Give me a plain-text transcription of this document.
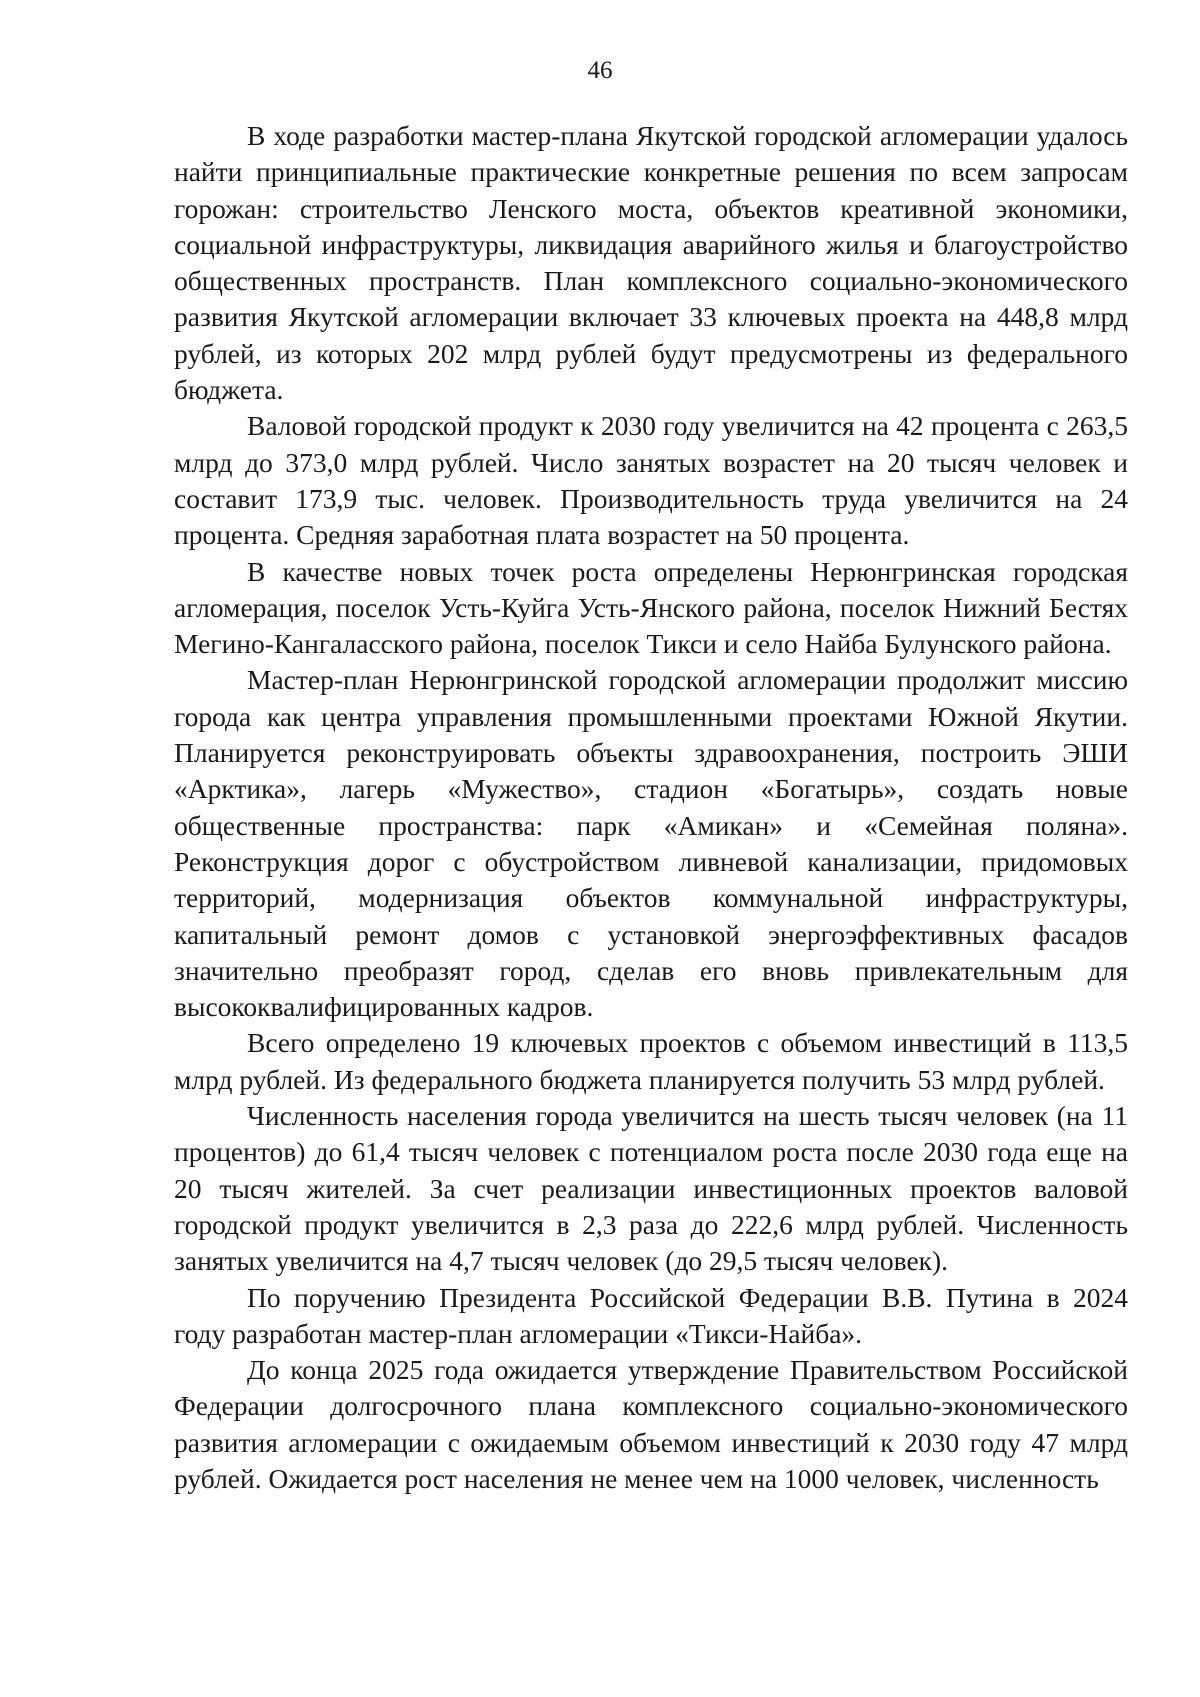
46

В ходе разработки мастер-плана Якутской городской агломерации удалось найти принципиальные практические конкретные решения по всем запросам горожан: строительство Ленского моста, объектов креативной экономики, социальной инфраструктуры, ликвидация аварийного жилья и благоустройство общественных пространств. План комплексного социально-экономического развития Якутской агломерации включает 33 ключевых проекта на 448,8 млрд рублей, из которых 202 млрд рублей будут предусмотрены из федерального бюджета.

Валовой городской продукт к 2030 году увеличится на 42 процента с 263,5 млрд до 373,0 млрд рублей. Число занятых возрастет на 20 тысяч человек и составит 173,9 тыс. человек. Производительность труда увеличится на 24 процента. Средняя заработная плата возрастет на 50 процента.

В качестве новых точек роста определены Нерюнгринская городская агломерация, поселок Усть-Куйга Усть-Янского района, поселок Нижний Бестях Мегино-Кангаласского района, поселок Тикси и село Найба Булунского района.

Мастер-план Нерюнгринской городской агломерации продолжит миссию города как центра управления промышленными проектами Южной Якутии. Планируется реконструировать объекты здравоохранения, построить ЭШИ «Арктика», лагерь «Мужество», стадион «Богатырь», создать новые общественные пространства: парк «Амикан» и «Семейная поляна». Реконструкция дорог с обустройством ливневой канализации, придомовых территорий, модернизация объектов коммунальной инфраструктуры, капитальный ремонт домов с установкой энергоэффективных фасадов значительно преобразят город, сделав его вновь привлекательным для высококвалифицированных кадров.

Всего определено 19 ключевых проектов с объемом инвестиций в 113,5 млрд рублей. Из федерального бюджета планируется получить 53 млрд рублей.

Численность населения города увеличится на шесть тысяч человек (на 11 процентов) до 61,4 тысяч человек с потенциалом роста после 2030 года еще на 20 тысяч жителей. За счет реализации инвестиционных проектов валовой городской продукт увеличится в 2,3 раза до 222,6 млрд рублей. Численность занятых увеличится на 4,7 тысяч человек (до 29,5 тысяч человек).

По поручению Президента Российской Федерации В.В. Путина в 2024 году разработан мастер-план агломерации «Тикси-Найба».

До конца 2025 года ожидается утверждение Правительством Российской Федерации долгосрочного плана комплексного социально-экономического развития агломерации с ожидаемым объемом инвестиций к 2030 году 47 млрд рублей. Ожидается рост населения не менее чем на 1000 человек, численность
